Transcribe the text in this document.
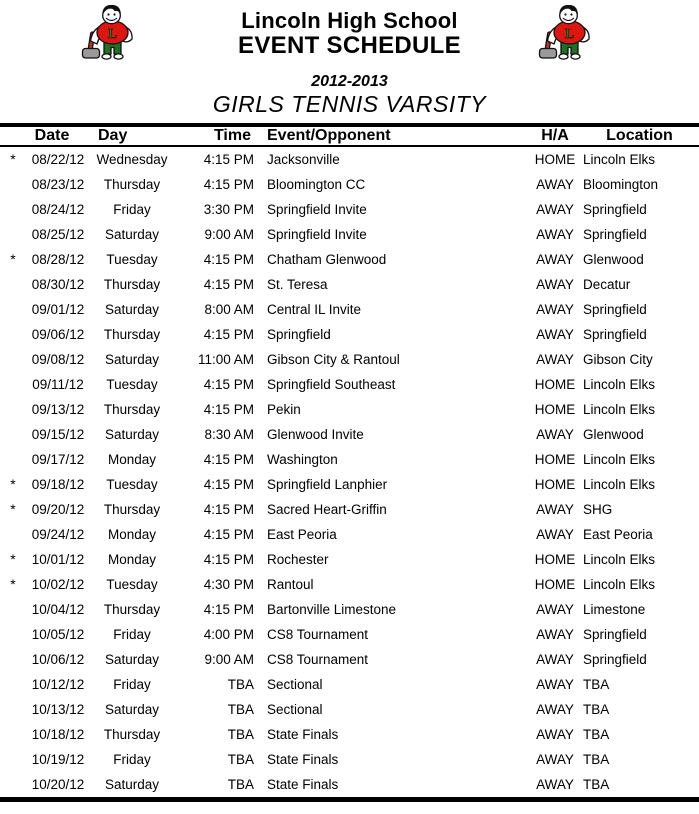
L
Lincoln High School
EVENT SCHEDULE
2012-2013
GIRLS TENNIS VARSITY
L
	Date	Day	Time	Event/Opponent	H/A	Location
*	08/22/12	Wednesday	4:15 PM	Jacksonville	HOME	Lincoln Elks
	08/23/12	Thursday	4:15 PM	Bloomington CC	AWAY	Bloomington
	08/24/12	Friday	3:30 PM	Springfield Invite	AWAY	Springfield
	08/25/12	Saturday	9:00 AM	Springfield Invite	AWAY	Springfield
*	08/28/12	Tuesday	4:15 PM	Chatham Glenwood	AWAY	Glenwood
	08/30/12	Thursday	4:15 PM	St. Teresa	AWAY	Decatur
	09/01/12	Saturday	8:00 AM	Central IL Invite	AWAY	Springfield
	09/06/12	Thursday	4:15 PM	Springfield	AWAY	Springfield
	09/08/12	Saturday	11:00 AM	Gibson City & Rantoul	AWAY	Gibson City
	09/11/12	Tuesday	4:15 PM	Springfield Southeast	HOME	Lincoln Elks
	09/13/12	Thursday	4:15 PM	Pekin	HOME	Lincoln Elks
	09/15/12	Saturday	8:30 AM	Glenwood Invite	AWAY	Glenwood
	09/17/12	Monday	4:15 PM	Washington	HOME	Lincoln Elks
*	09/18/12	Tuesday	4:15 PM	Springfield Lanphier	HOME	Lincoln Elks
*	09/20/12	Thursday	4:15 PM	Sacred Heart-Griffin	AWAY	SHG
	09/24/12	Monday	4:15 PM	East Peoria	AWAY	East Peoria
*	10/01/12	Monday	4:15 PM	Rochester	HOME	Lincoln Elks
*	10/02/12	Tuesday	4:30 PM	Rantoul	HOME	Lincoln Elks
	10/04/12	Thursday	4:15 PM	Bartonville Limestone	AWAY	Limestone
	10/05/12	Friday	4:00 PM	CS8 Tournament	AWAY	Springfield
	10/06/12	Saturday	9:00 AM	CS8 Tournament	AWAY	Springfield
	10/12/12	Friday	TBA	Sectional	AWAY	TBA
	10/13/12	Saturday	TBA	Sectional	AWAY	TBA
	10/18/12	Thursday	TBA	State Finals	AWAY	TBA
	10/19/12	Friday	TBA	State Finals	AWAY	TBA
	10/20/12	Saturday	TBA	State Finals	AWAY	TBA
